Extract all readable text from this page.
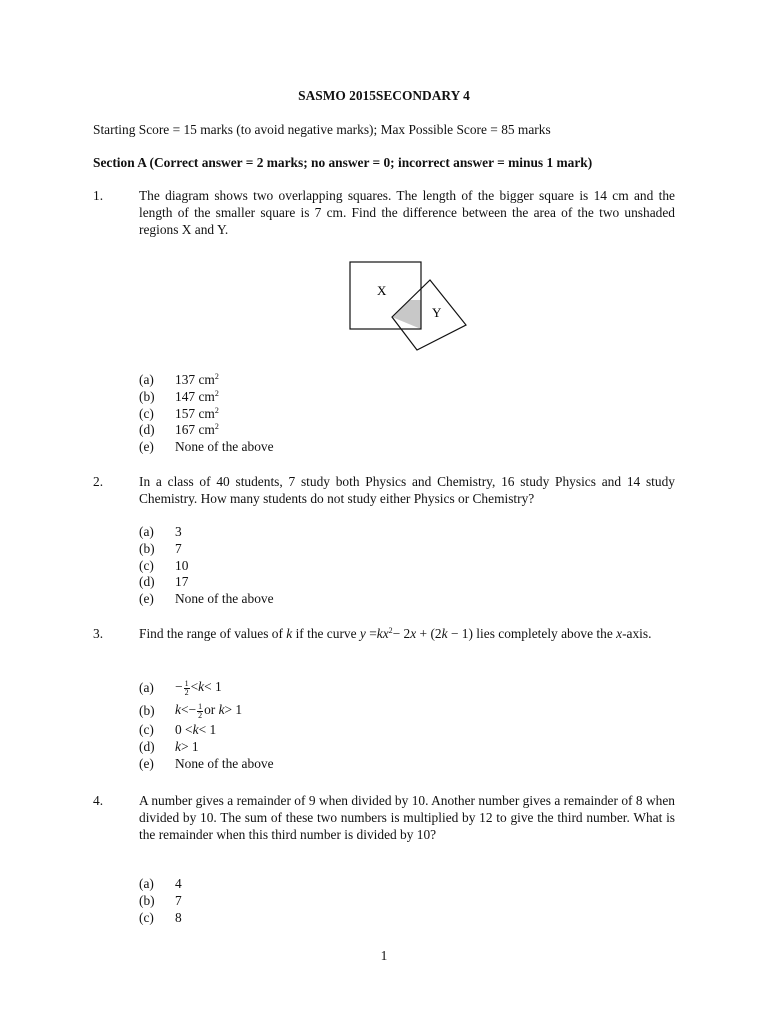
SASMO 2015SECONDARY 4
Starting Score = 15 marks (to avoid negative marks); Max Possible Score = 85 marks
Section A (Correct answer = 2 marks; no answer = 0; incorrect answer = minus 1 mark)
1.	The diagram shows two overlapping squares. The length of the bigger square is 14 cm and the length of the smaller square is 7 cm. Find the difference between the area of the two unshaded regions X and Y.
X
Y
(a)	137 $cm^2$
(b)	147 $cm^2$
(c)	157 $cm^2$
(d)	167 $cm^2$
(e)	None of the above
2.	In a class of 40 students, 7 study both Physics and Chemistry, 16 study Physics and 14 study Chemistry. How many students do not study either Physics or Chemistry?
(a)	3
(b)	7
(c)	10
(d)	17
(e)	None of the above
3.	Find the range of values of k if the curve $y =kx^2- 2x + (2k - 1)$ lies completely above the x-axis.
(a)	− $\frac{1}{2} <k< 1$
(b)	$k<- \frac{1}{2}$ or k> 1
(c)	0 <k< 1
(d)	k> 1
(e)	None of the above
4.	A number gives a remainder of 9 when divided by 10. Another number gives a remainder of 8 when divided by 10. The sum of these two numbers is multiplied by 12 to give the third number. What is the remainder when this third number is divided by 10?
(a)	4
(b)	7
(c)	8
1
